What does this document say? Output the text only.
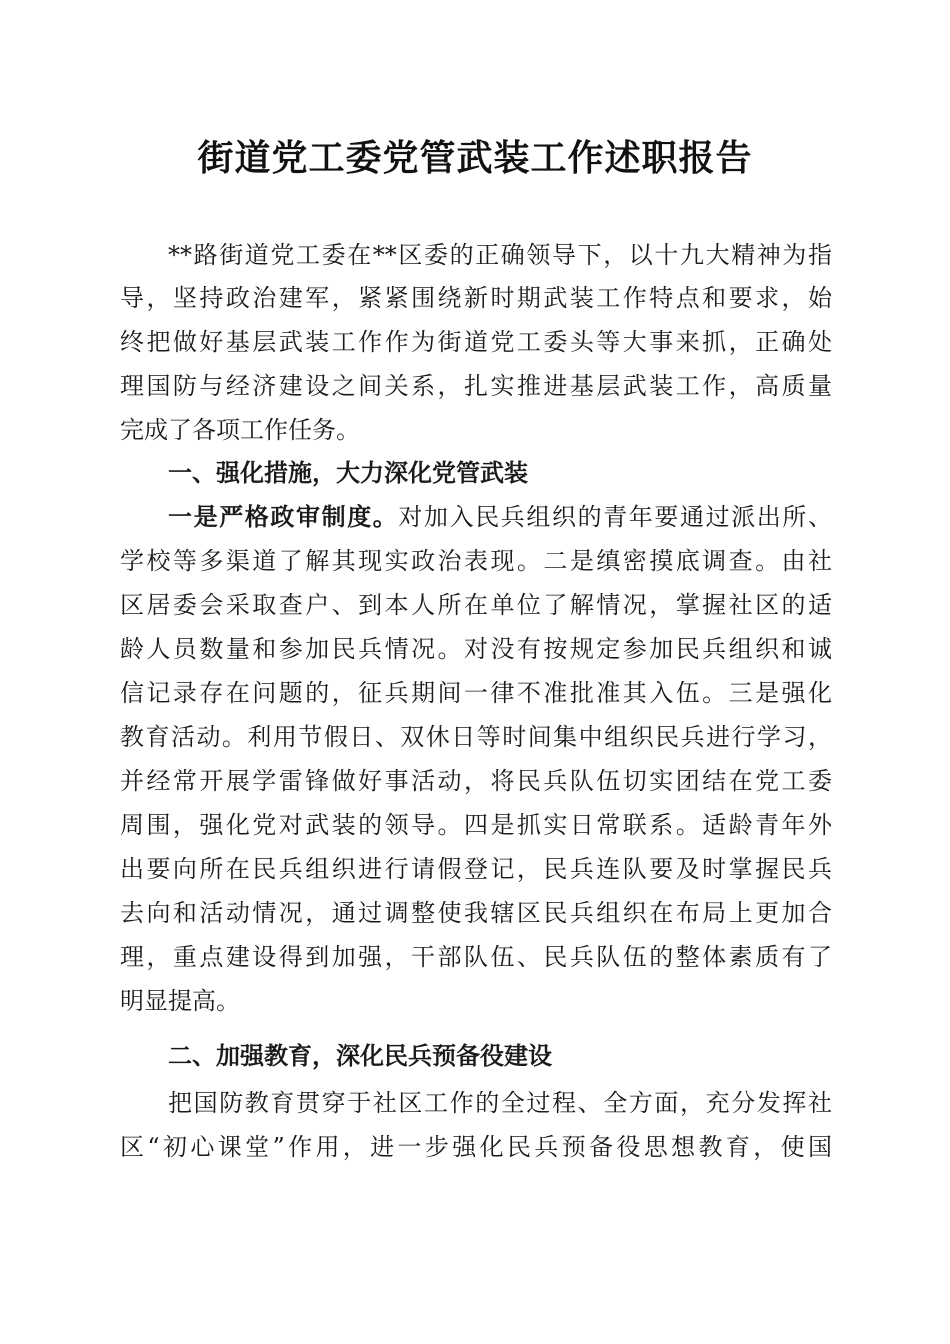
街道党工委党管武装工作述职报告

**路街道党工委在**区委的正确领导下，以十九大精神为指

导，坚持政治建军，紧紧围绕新时期武装工作特点和要求，始

终把做好基层武装工作作为街道党工委头等大事来抓，正确处

理国防与经济建设之间关系，扎实推进基层武装工作，高质量

完成了各项工作任务。

一、强化措施，大力深化党管武装

一是严格政审制度。对加入民兵组织的青年要通过派出所、

学校等多渠道了解其现实政治表现。二是缜密摸底调查。由社

区居委会采取查户、到本人所在单位了解情况，掌握社区的适

龄人员数量和参加民兵情况。对没有按规定参加民兵组织和诚

信记录存在问题的，征兵期间一律不准批准其入伍。三是强化

教育活动。利用节假日、双休日等时间集中组织民兵进行学习，

并经常开展学雷锋做好事活动，将民兵队伍切实团结在党工委

周围，强化党对武装的领导。四是抓实日常联系。适龄青年外

出要向所在民兵组织进行请假登记，民兵连队要及时掌握民兵

去向和活动情况，通过调整使我辖区民兵组织在布局上更加合

理，重点建设得到加强，干部队伍、民兵队伍的整体素质有了

明显提高。

二、加强教育，深化民兵预备役建设

把国防教育贯穿于社区工作的全过程、全方面，充分发挥社

区“初心课堂”作用，进一步强化民兵预备役思想教育，使国
